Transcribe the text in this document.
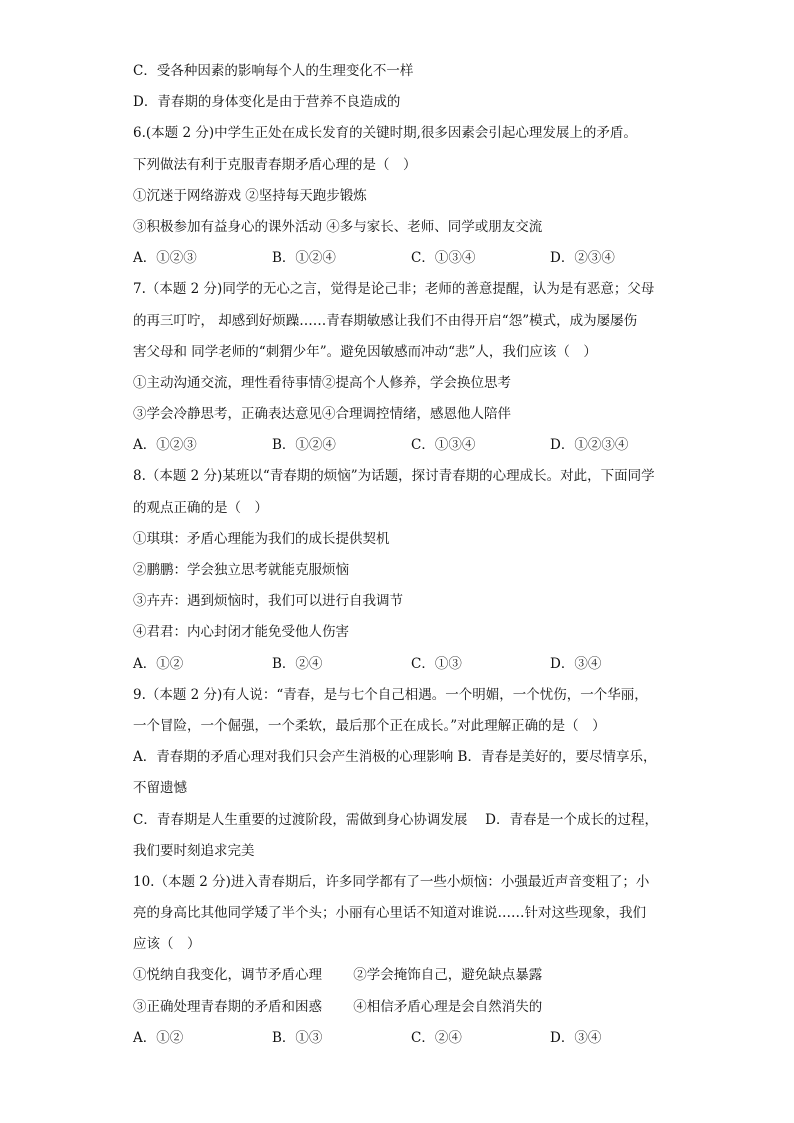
C．受各种因素的影响每个人的生理变化不一样
D．青春期的身体变化是由于营养不良造成的
6.(本题 2 分)中学生正处在成长发育的关键时期,很多因素会引起心理发展上的矛盾。
下列做法有利于克服青春期矛盾心理的是（　）
①沉迷于网络游戏 ②坚持每天跑步锻炼
③积极参加有益身心的课外活动 ④多与家长、老师、同学或朋友交流
A．①②③	B．①②④	C．①③④	D．②③④
7.（本题 2 分)同学的无心之言，觉得是论己非；老师的善意提醒，认为是有恶意；父母
的再三叮咛， 却感到好烦躁……青春期敏感让我们不由得开启“怨”模式，成为屡屡伤
害父母和 同学老师的“刺猬少年”。避免因敏感而冲动“悲”人，我们应该（　）
①主动沟通交流，理性看待事情②提高个人修养，学会换位思考
③学会冷静思考，正确表达意见④合理调控情绪，感恩他人陪伴
A．①②③	B．①②④	C．①③④	D．①②③④
8.（本题 2 分)某班以“青春期的烦恼”为话题，探讨青春期的心理成长。对此，下面同学
的观点正确的是（　）
①琪琪：矛盾心理能为我们的成长提供契机
②鹏鹏：学会独立思考就能克服烦恼
③卉卉：遇到烦恼时，我们可以进行自我调节
④君君：内心封闭才能免受他人伤害
A．①②	B．②④	C．①③	D．③④
9.（本题 2 分)有人说：“青春，是与七个自己相遇。一个明媚，一个忧伤，一个华丽，
一个冒险，一个倔强，一个柔软，最后那个正在成长。”对此理解正确的是（　）
A．青春期的矛盾心理对我们只会产生消极的心理影响 B．青春是美好的，要尽情享乐，
不留遗憾
C．青春期是人生重要的过渡阶段，需做到身心协调发展　 D．青春是一个成长的过程，
我们要时刻追求完美
10.（本题 2 分)进入青春期后，许多同学都有了一些小烦恼：小强最近声音变粗了；小
亮的身高比其他同学矮了半个头；小丽有心里话不知道对谁说……针对这些现象，我们
应该（　）
①悦纳自我变化，调节矛盾心理　　 ②学会掩饰自己，避免缺点暴露
③正确处理青春期的矛盾和困惑　　 ④相信矛盾心理是会自然消失的
A．①②	B．①③	C．②④	D．③④
